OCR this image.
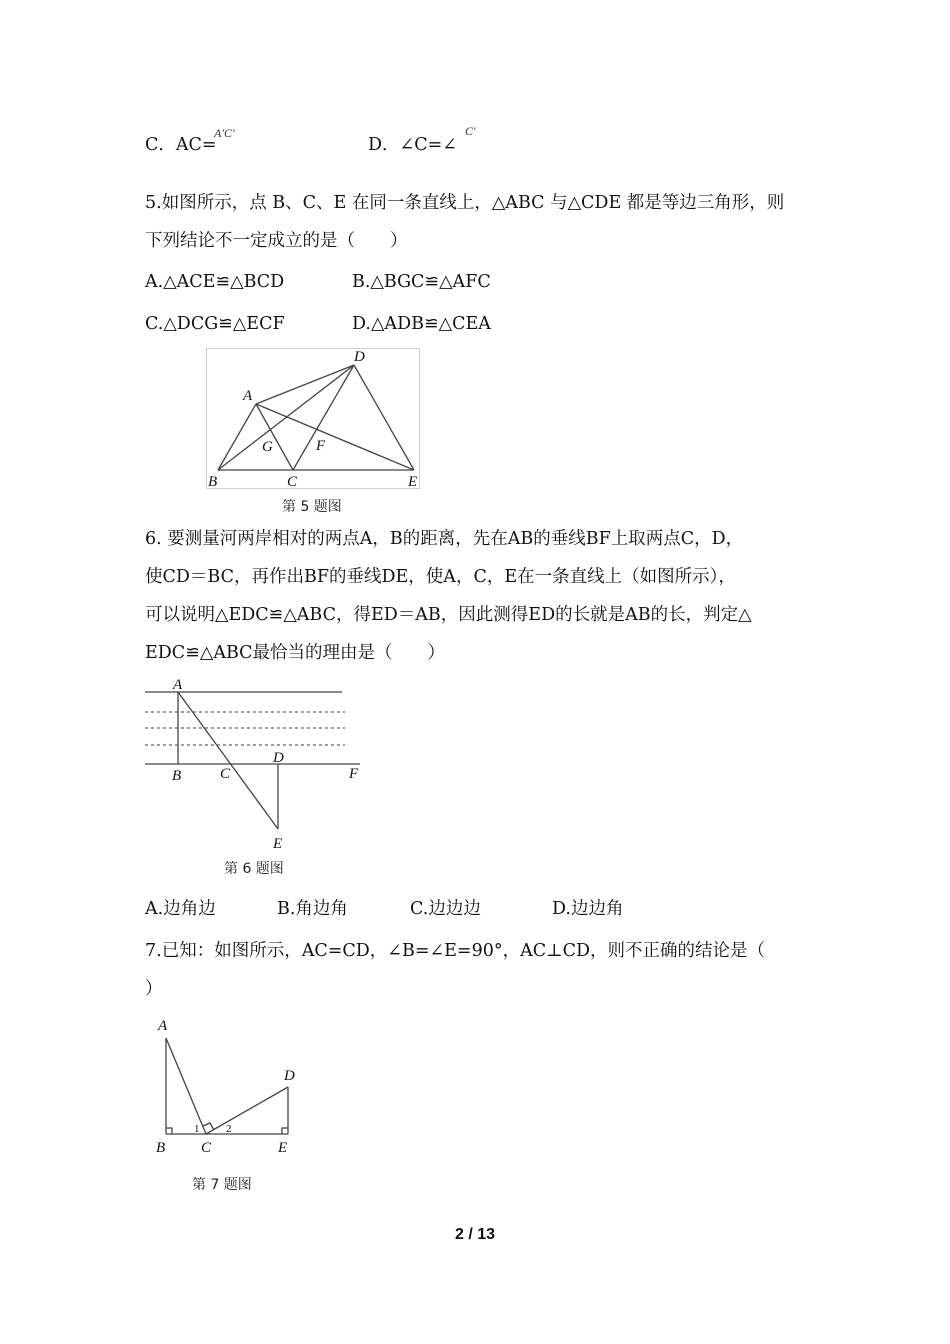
C．AC=
A′C′
D．∠C=∠
C′
5.如图所示，点 B、C、E 在同一条直线上，△ABC 与△CDE 都是等边三角形，则
下列结论不一定成立的是（　　）
A.△ACE≌△BCD	B.△BGC≌△AFC
C.△DCG≌△ECF	D.△ADB≌△CEA
D
A
G	F
B	C	E
第 5 题图
6. 要测量河两岸相对的两点A，B的距离，先在AB的垂线BF上取两点C，D，
使CD＝BC，再作出BF的垂线DE，使A，C，E在一条直线上（如图所示），
可以说明△EDC≌△ABC，得ED＝AB，因此测得ED的长就是AB的长，判定△
EDC≌△ABC最恰当的理由是（　　）
A
B	C
D
F
E
第 6 题图
A.边角边	B.角边角	C.边边边	D.边边角
7.已知：如图所示，AC=CD，∠B=∠E=90°，AC⊥CD，则不正确的结论是（
）
A
D
B C	E
1 2
第 7 题图
2 / 13
